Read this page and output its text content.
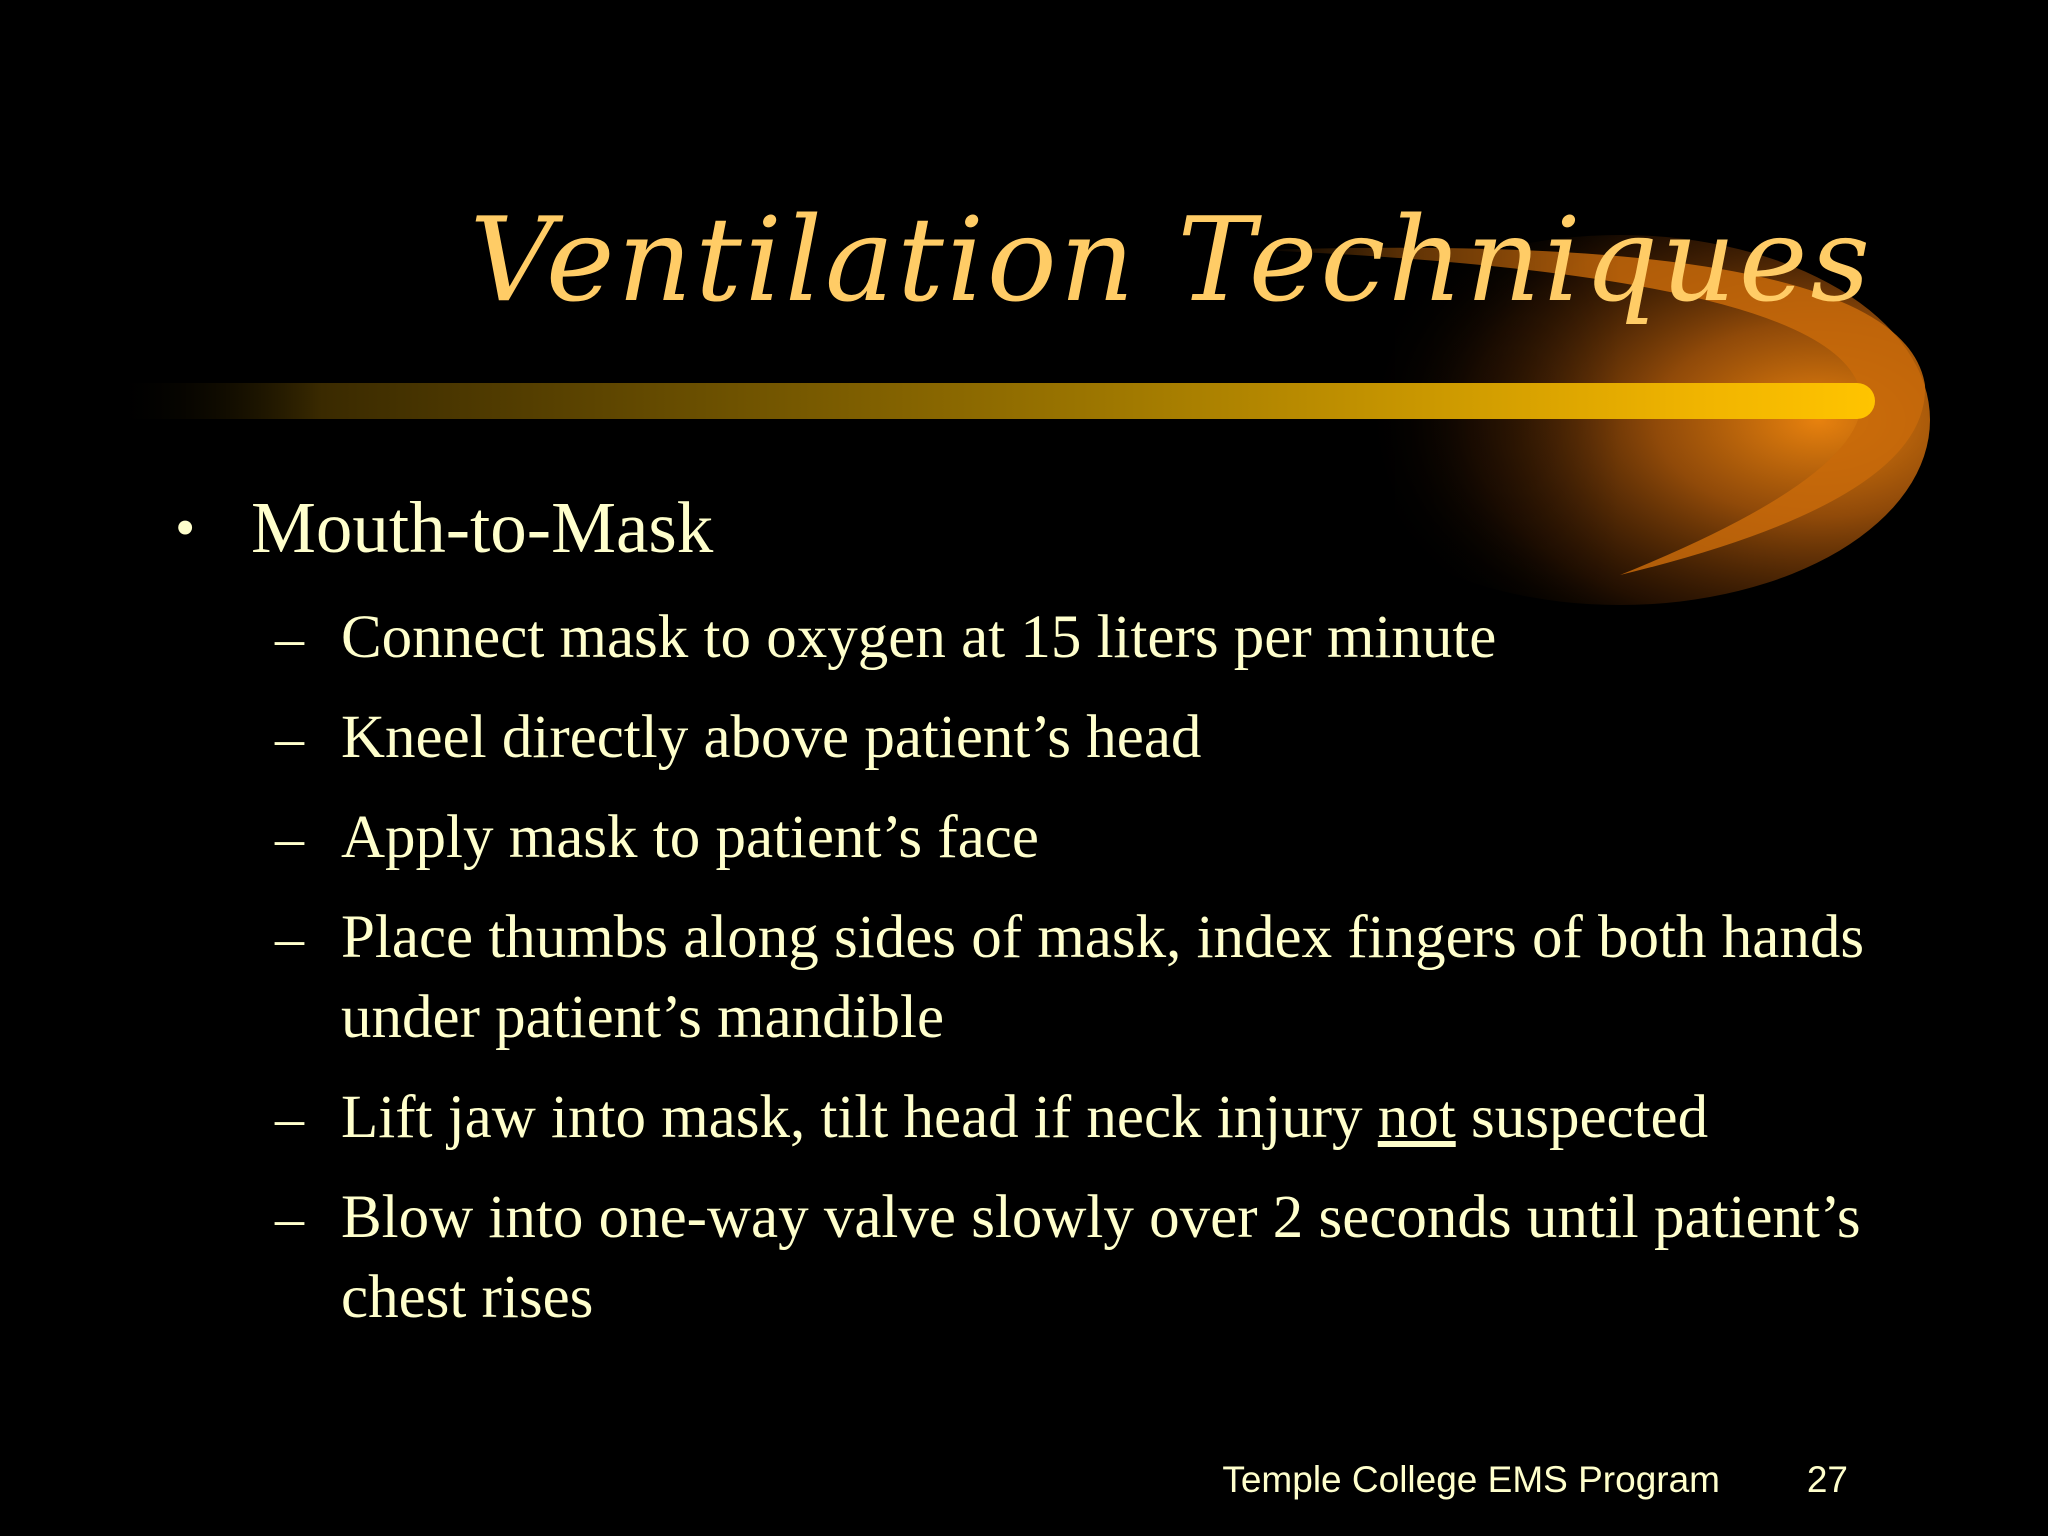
Ventilation Techniques
• Mouth-to-Mask
– Connect mask to oxygen at 15 liters per minute
– Kneel directly above patient’s head
– Apply mask to patient’s face
– Place thumbs along sides of mask, index fingers of both hands under patient’s mandible
– Lift jaw into mask, tilt head if neck injury not suspected
– Blow into one-way valve slowly over 2 seconds until patient’s chest rises
Temple College EMS Program 27
